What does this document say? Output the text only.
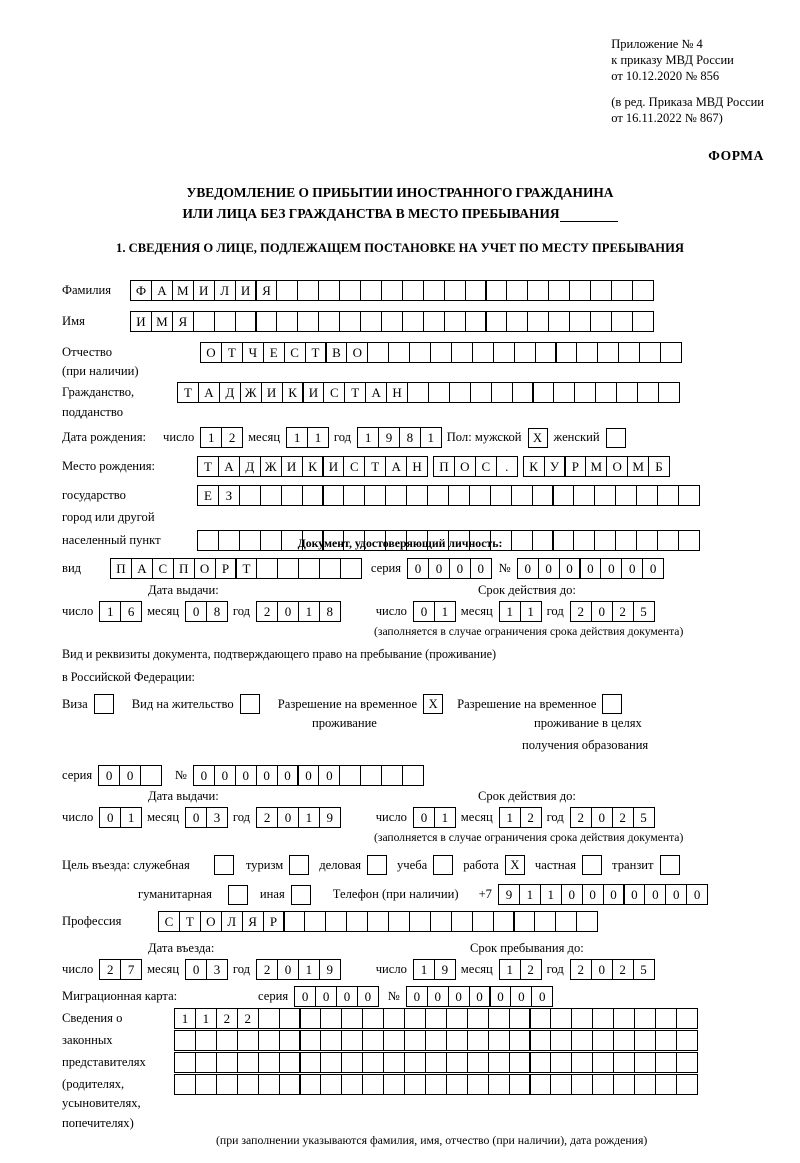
Приложение № 4
к приказу МВД России
от 10.12.2020 № 856
(в ред. Приказа МВД России
от 16.11.2022 № 867)
ФОРМА
УВЕДОМЛЕНИЕ О ПРИБЫТИИ ИНОСТРАННОГО ГРАЖДАНИНА
ИЛИ ЛИЦА БЕЗ ГРАЖДАНСТВА В МЕСТО ПРЕБЫВАНИЯ
1. СВЕДЕНИЯ О ЛИЦЕ, ПОДЛЕЖАЩЕМ ПОСТАНОВКЕ НА УЧЕТ ПО МЕСТУ ПРЕБЫВАНИЯ
Фамилия	Ф А М И Л И Я
Имя	И М Я
Отчество	О Т Ч Е С Т В О
(при наличии)
Гражданство,	Т А Д Ж И К И С Т А Н
подданство
Дата рождения:	число	1	2	месяц	1	1	год	1	9	8	1	Пол: мужской Х женский
Место рождения:	Т А Д Ж И К И С Т А Н	П О С	.	К У Р М О М Б
государство	Е	З
город или другой
населенный пункт	Документ, удостоверяющий личность:
вид	П А С П О Р	Т	серия	0	0	0	0	№	0	0	0	0	0	0	0
Дата выдачи:	Срок действия до:
число	1	6	месяц	0	8	год	2	0	1	8	число	0	1	месяц	1	1	год	2	0	2	5
(заполняется в случае ограничения срока действия документа)
Вид и реквизиты документа, подтверждающего право на пребывание (проживание)
в Российской Федерации:
Виза	Вид на жительство	Разрешение на временное Х	Разрешение на временное
проживание	проживание в целях
получения образования
серия	0	0	№	0	0	0	0	0	0	0
Дата выдачи:	Срок действия до:
число	0	1	месяц	0	3	год	2	0	1	9	число	0	1	месяц	1	2	год	2	0	2	5
(заполняется в случае ограничения срока действия документа)
Цель въезда: служебная	туризм	деловая	учеба	работа Х	частная	транзит
гуманитарная	иная	Телефон (при наличии) +7	9	1	1	0	0	0	0	0	0	0
Профессия	С Т О Л Я Р
Дата въезда:	Срок пребывания до:
число	2	7	месяц	0	3	год	2	0	1	9	число	1	9	месяц	1	2	год	2	0	2	5
Миграционная карта:	серия	0	0	0	0	№	0	0	0	0	0	0	0
Сведения о	1	1	2	2
законных
представителях
(родителях,
усыновителях,
попечителях)
(при заполнении указываются фамилия, имя, отчество (при наличии), дата рождения)
